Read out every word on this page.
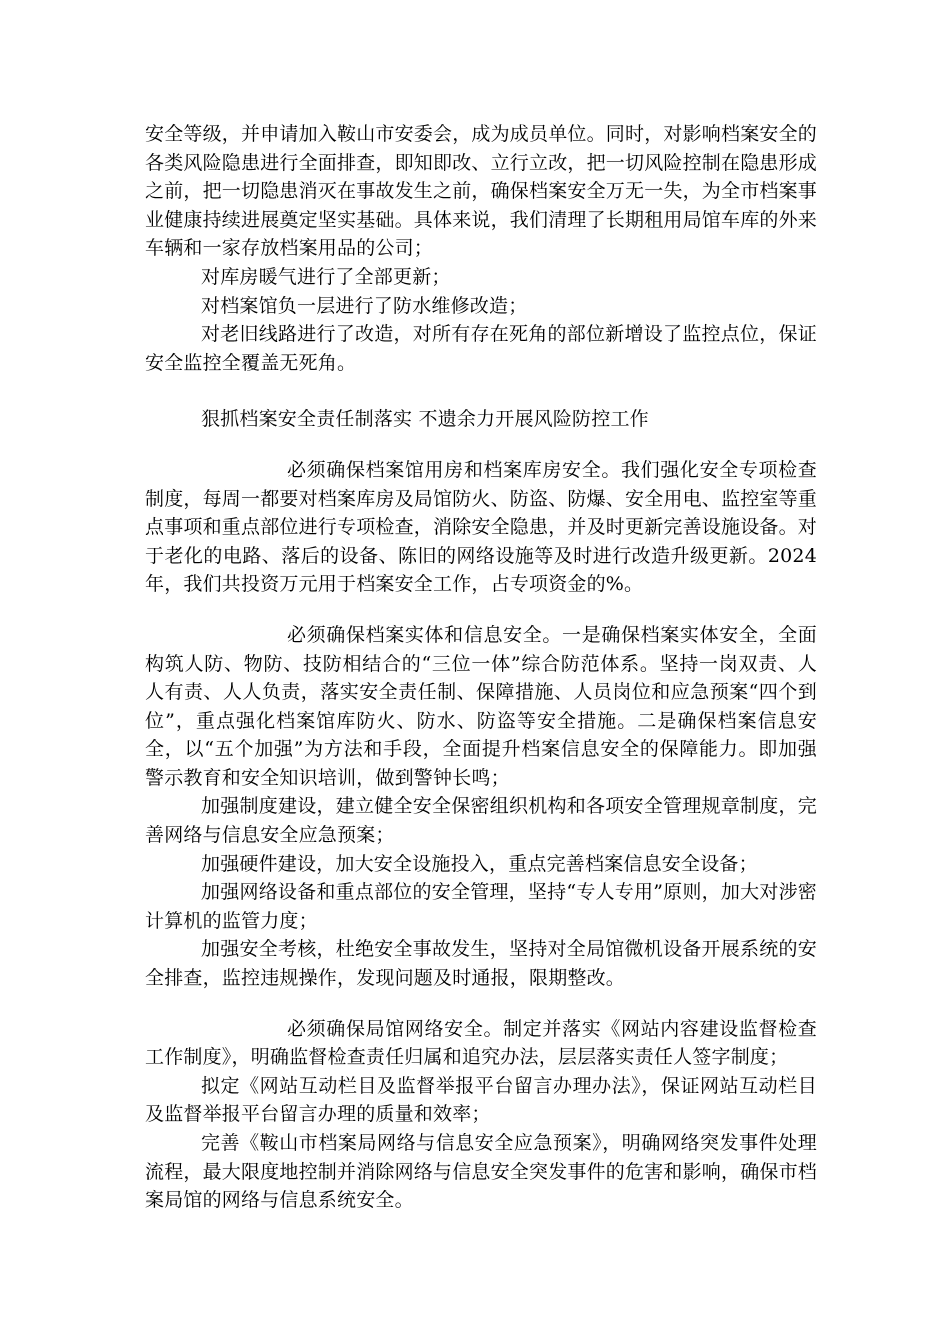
安全等级，并申请加入鞍山市安委会，成为成员单位。同时，对影响档案安全的各类风险隐患进行全面排查，即知即改、立行立改，把一切风险控制在隐患形成之前，把一切隐患消灭在事故发生之前，确保档案安全万无一失，为全市档案事业健康持续进展奠定坚实基础。具体来说，我们清理了长期租用局馆车库的外来车辆和一家存放档案用品的公司；

对库房暖气进行了全部更新；

对档案馆负一层进行了防水维修改造；

对老旧线路进行了改造，对所有存在死角的部位新增设了监控点位，保证安全监控全覆盖无死角。

狠抓档案安全责任制落实 不遗余力开展风险防控工作

必须确保档案馆用房和档案库房安全。我们强化安全专项检查制度，每周一都要对档案库房及局馆防火、防盗、防爆、安全用电、监控室等重点事项和重点部位进行专项检查，消除安全隐患，并及时更新完善设施设备。对于老化的电路、落后的设备、陈旧的网络设施等及时进行改造升级更新。2024年，我们共投资万元用于档案安全工作，占专项资金的%。

必须确保档案实体和信息安全。一是确保档案实体安全，全面构筑人防、物防、技防相结合的“三位一体”综合防范体系。坚持一岗双责、人人有责、人人负责，落实安全责任制、保障措施、人员岗位和应急预案“四个到位”，重点强化档案馆库防火、防水、防盗等安全措施。二是确保档案信息安全，以“五个加强”为方法和手段，全面提升档案信息安全的保障能力。即加强警示教育和安全知识培训，做到警钟长鸣；

加强制度建设，建立健全安全保密组织机构和各项安全管理规章制度，完善网络与信息安全应急预案；

加强硬件建设，加大安全设施投入，重点完善档案信息安全设备；

加强网络设备和重点部位的安全管理，坚持“专人专用”原则，加大对涉密计算机的监管力度；

加强安全考核，杜绝安全事故发生，坚持对全局馆微机设备开展系统的安全排查，监控违规操作，发现问题及时通报，限期整改。

必须确保局馆网络安全。制定并落实《网站内容建设监督检查工作制度》，明确监督检查责任归属和追究办法，层层落实责任人签字制度；

拟定《网站互动栏目及监督举报平台留言办理办法》，保证网站互动栏目及监督举报平台留言办理的质量和效率；

完善《鞍山市档案局网络与信息安全应急预案》，明确网络突发事件处理流程，最大限度地控制并消除网络与信息安全突发事件的危害和影响，确保市档案局馆的网络与信息系统安全。
